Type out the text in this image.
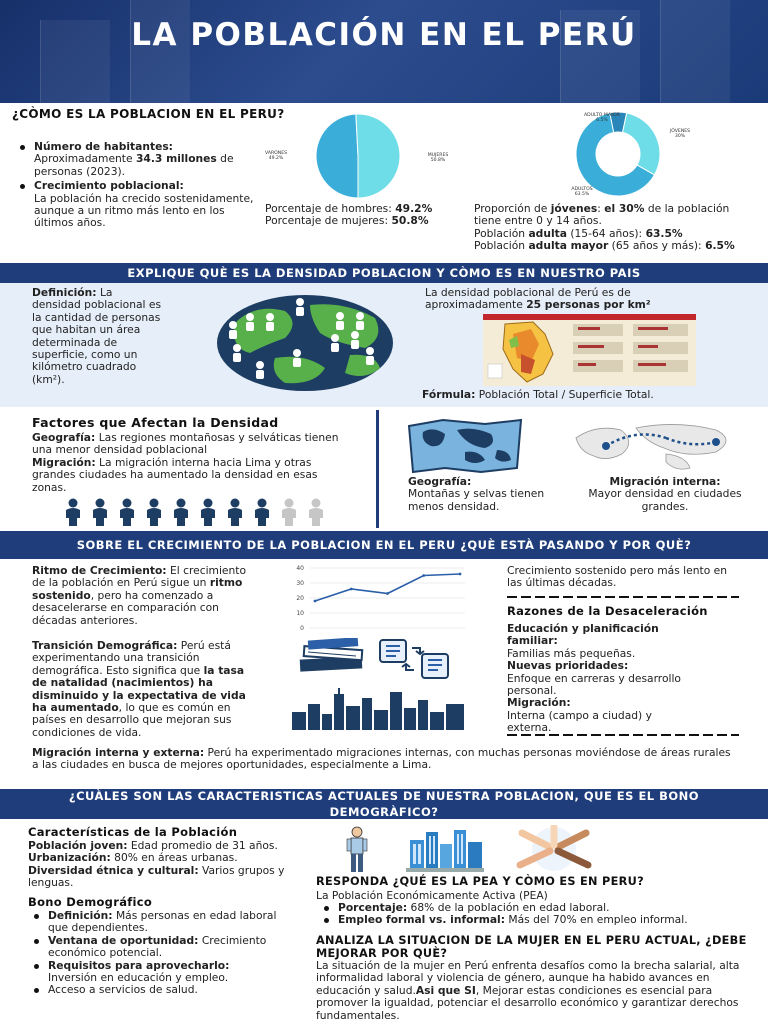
LA POBLACIÓN EN EL PERÚ
¿CÒMO ES LA POBLACION EN EL PERU?
Número de habitantes:
Aproximadamente 34.3 millones de personas (2023).
Crecimiento poblacional:
La población ha crecido sostenidamente, aunque a un ritmo más lento en los últimos años.
VARONES 49.2%
MUJERES 50.8%
ADULTO MAYOR 6.5%
JÓVENES 30%
ADULTOS 63.5%
Porcentaje de hombres: 49.2%
Porcentaje de mujeres: 50.8%
Proporción de jóvenes: el 30% de la población tiene entre 0 y 14 años.
Población adulta (15-64 años): 63.5%
Población adulta mayor (65 años y más): 6.5%
EXPLIQUE QUÈ ES LA DENSIDAD POBLACION Y CÒMO ES EN NUESTRO PAIS
Definición: La densidad poblacional es la cantidad de personas que habitan un área determinada de superficie, como un kilómetro cuadrado (km²).
La densidad poblacional de Perú es de aproximadamente 25 personas por km²
Fórmula: Población Total / Superficie Total.
Factores que Afectan la Densidad
Geografía: Las regiones montañosas y selváticas tienen una menor densidad poblacional
Migración: La migración interna hacia Lima y otras grandes ciudades ha aumentado la densidad en esas zonas.	Geografía:
Montañas y selvas tienen menos densidad.
Migración interna:
Mayor densidad en ciudades grandes.
SOBRE EL CRECIMIENTO DE LA POBLACION EN EL PERU ¿QUÈ ESTÀ PASANDO Y POR QUÈ?
Ritmo de Crecimiento: El crecimiento de la población en Perú sigue un ritmo sostenido, pero ha comenzado a desacelerarse en comparación con décadas anteriores.
Transición Demográfica: Perú está experimentando una transición demográfica. Esto significa que la tasa de natalidad (nacimientos) ha disminuido y la expectativa de vida ha aumentado, lo que es común en países en desarrollo que mejoran sus condiciones de vida.
40
30
20
10
0
Crecimiento sostenido pero más lento en las últimas décadas.
Razones de la Desaceleración
Educación y planificación familiar:
Familias más pequeñas.
Nuevas prioridades:
Enfoque en carreras y desarrollo personal.
Migración:
Interna (campo a ciudad) y externa.
Migración interna y externa: Perú ha experimentado migraciones internas, con muchas personas moviéndose de áreas rurales a las ciudades en busca de mejores oportunidades, especialmente a Lima.
¿CUÀLES SON LAS CARACTERISTICAS ACTUALES DE NUESTRA POBLACION, QUE ES EL BONO DEMOGRÀFICO?
Características de la Población
Población joven: Edad promedio de 31 años.
Urbanización: 80% en áreas urbanas.
Diversidad étnica y cultural: Varios grupos y lenguas.
Bono Demográfico
Definición: Más personas en edad laboral que dependientes.
Ventana de oportunidad: Crecimiento económico potencial.
Requisitos para aprovecharlo: Inversión en educación y empleo.
Acceso a servicios de salud.
RESPONDA ¿QUÉ ES LA PEA Y CÒMO ES EN PERU?
La Población Económicamente Activa (PEA)
Porcentaje: 68% de la población en edad laboral.
Empleo formal vs. informal: Más del 70% en empleo informal.
ANALIZA LA SITUACION DE LA MUJER EN EL PERU ACTUAL, ¿DEBE MEJORAR POR QUÈ?
La situación de la mujer en Perú enfrenta desafíos como la brecha salarial, alta informalidad laboral y violencia de género, aunque ha habido avances en educación y salud.Asi que SI, Mejorar estas condiciones es esencial para promover la igualdad, potenciar el desarrollo económico y garantizar derechos fundamentales.
